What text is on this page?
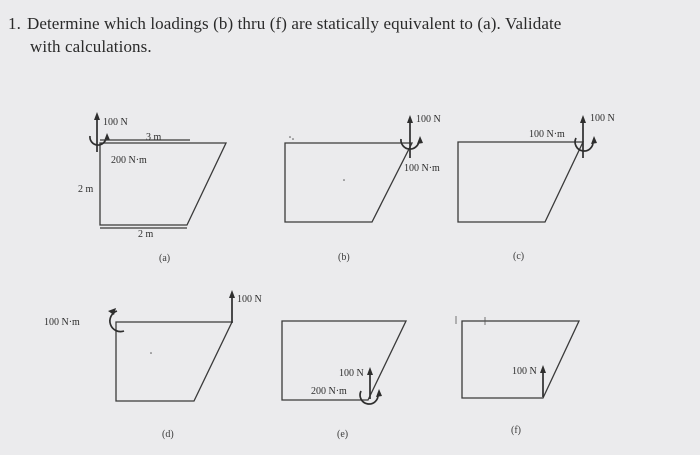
1. Determine which loadings (b) thru (f) are statically equivalent to (a). Validate
with calculations.
100 N
3 m
200 N·m
2 m
2 m
(a)
100 N
100 N·m
(b)
100 N
100 N·m
(c)
100 N
100 N·m
(d)
100 N
200 N·m
(e)
100 N
(f)
